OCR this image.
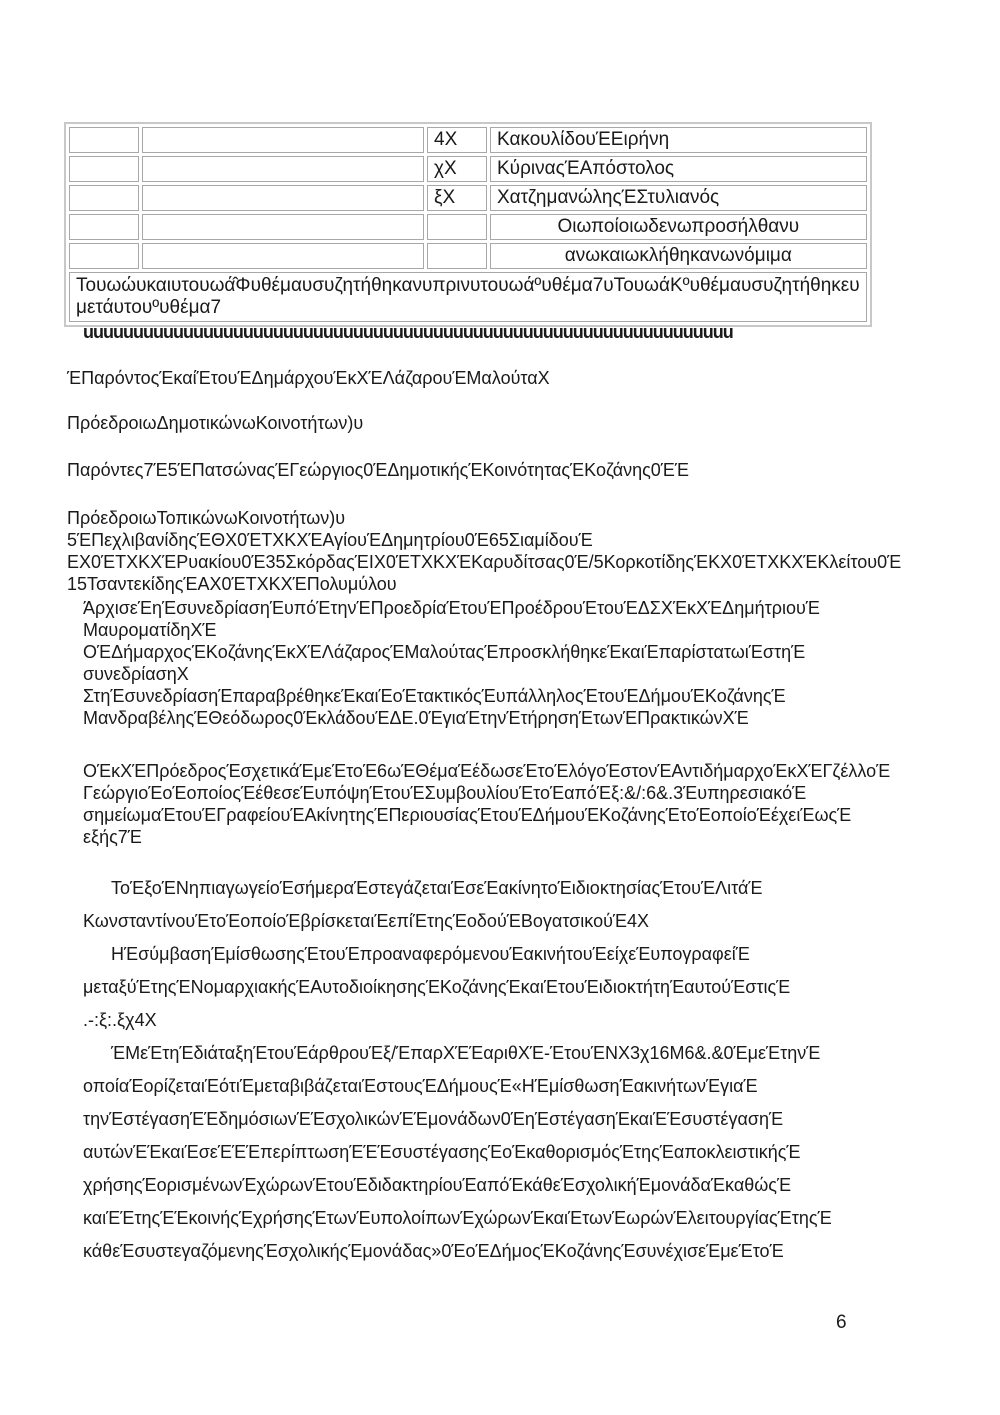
		4X	ΚακουλίδουΈΕιρήνη
		χX	ΚύριναςΈΑπόστολος
		ξX	ΧατζημανώληςΈΣτυλιανός
			Οιωποίοιωδενωπροσήλθανυ
			ανωκαιωκλήθηκανωνόμιμα
Τουωώυκαιυτουωά̂Φυθέμαυσυζητήθηκανυπρινυτουωάºυθέμα7υΤουωάΚºυθέμαυσυζητήθηκευ μετάυτουºυθέμα7			
uuuuuuuuuuuuuuuuuuuuuuuuuuuuuuuuuuuuuuuuuuuuuuuuuuuuuuuuuuuuuuuuu

ΈΠαρόντοςΈκαίΈτουΈΔημάρχουΈκΧΈΛάζαρουΈΜαλούταΧ

ΠρόεδροιωΔημοτικώνωΚοινοτήτων)υ

Παρόντες7Έ5ΈΠατσώναςΈΓεώργιος0ΈΔημοτικήςΈΚοινότηταςΈΚοζάνης0ΈΈ

ΠρόεδροιωΤοπικώνωΚοινοτήτων)υ 5ΈΠεχλιβανίδηςΈΘΧ0ΈΤΧΚΧΈΑγίουΈΔημητρίου0Έ65ΣιαμίδουΈ ΕΧ0ΈΤΧΚΧΈΡυακίου0Έ35ΣκόρδαςΈΙΧ0ΈΤΧΚΧΈΚαρυδίτσας0Έ/5ΚορκοτίδηςΈΚΧ0ΈΤΧΚΧΈΚλείτου0Έ 15ΤσαντεκίδηςΈΑΧ0ΈΤΧΚΧΈΠολυμύλου

ΆρχισεΈηΈσυνεδρίασηΈυπόΈτηνΈΠροεδρίαΈτουΈΠροέδρουΈτουΈΔΣΧΈκΧΈΔημήτριουΈ
ΜαυροματίδηΧΈ
ΟΈΔήμαρχοςΈΚοζάνηςΈκΧΈΛάζαροςΈΜαλούταςΈπροσκλήθηκεΈκαιΈπαρίστατωιΈστηΈ
συνεδρίασηΧ
ΣτηΈσυνεδρίασηΈπαραβρέθηκεΈκαιΈοΈτακτικόςΈυπάλληλοςΈτουΈΔήμουΈΚοζάνηςΈ
ΜανδραβέληςΈΘεόδωρος0ΈκλάδουΈΔΕ.0ΈγιαΈτηνΈτήρησηΈτωνΈΠρακτικώνΧΈ
ΟΈκΧΈΠρόεδροςΈσχετικάΈμεΈτοΈ6ωΈΘέμαΈέδωσεΈτοΈλόγοΈστονΈΑντιδήμαρχοΈκΧΈΓζέλλοΈ
ΓεώργιοΈοΈοποίοςΈέθεσεΈυπόψηΈτουΈΣυμβουλίουΈτοΈαπόΈξ:&/:6&.3ΈυπηρεσιακόΈ
σημείωμαΈτουΈΓραφείουΈΑκίνητηςΈΠεριουσίαςΈτουΈΔήμουΈΚοζάνηςΈτοΈοποίοΈέχειΈωςΈ
εξής7Έ

ΤοΈξοΈΝηπιαγωγείοΈσήμεραΈστεγάζεταιΈσεΈακίνητοΈιδιοκτησίαςΈτουΈΛιτάΈ ΚωνσταντίνουΈτοΈοποίοΈβρίσκεταιΈεπίΈτηςΈοδούΈΒογατσικούΈ4Χ

ΗΈσύμβασηΈμίσθωσηςΈτουΈπροαναφερόμενουΈακινήτουΈείχεΈυπογραφείΈ μεταξύΈτηςΈΝομαρχιακήςΈΑυτοδιοίκησηςΈΚοζάνηςΈκαιΈτουΈιδιοκτήτηΈαυτούΈστιςΈ .-:ξ:.ξχ4Χ

ΈΜεΈτηΈδιάταξηΈτουΈάρθρουΈξ/ΈπαρΧΈΈαριθΧΈ-ΈτουΈΝΧ3χ16Μ6&.&0ΈμεΈτηνΈ οποίαΈορίζεταιΈότιΈμεταβιβάζεταιΈστουςΈΔήμουςΈ«ΗΈμίσθωσηΈακινήτωνΈγιαΈ τηνΈστέγασηΈΈδημόσιωνΈΈσχολικώνΈΈμονάδων0ΈηΈστέγασηΈκαιΈΈσυστέγασηΈ αυτώνΈΈκαιΈσεΈΈΈπερίπτωσηΈΈΈσυστέγασηςΈοΈκαθορισμόςΈτηςΈαποκλειστικήςΈ χρήσηςΈορισμένωνΈχώρωνΈτουΈδιδακτηρίουΈαπόΈκάθεΈσχολικήΈμονάδαΈκαθώςΈ καιΈΈτηςΈΈκοινήςΈχρήσηςΈτωνΈυπολοίπωνΈχώρωνΈκαιΈτωνΈωρώνΈλειτουργίαςΈτηςΈ κάθεΈσυστεγαζόμενηςΈσχολικήςΈμονάδας»0ΈοΈΔήμοςΈΚοζάνηςΈσυνέχισεΈμεΈτοΈ

6
